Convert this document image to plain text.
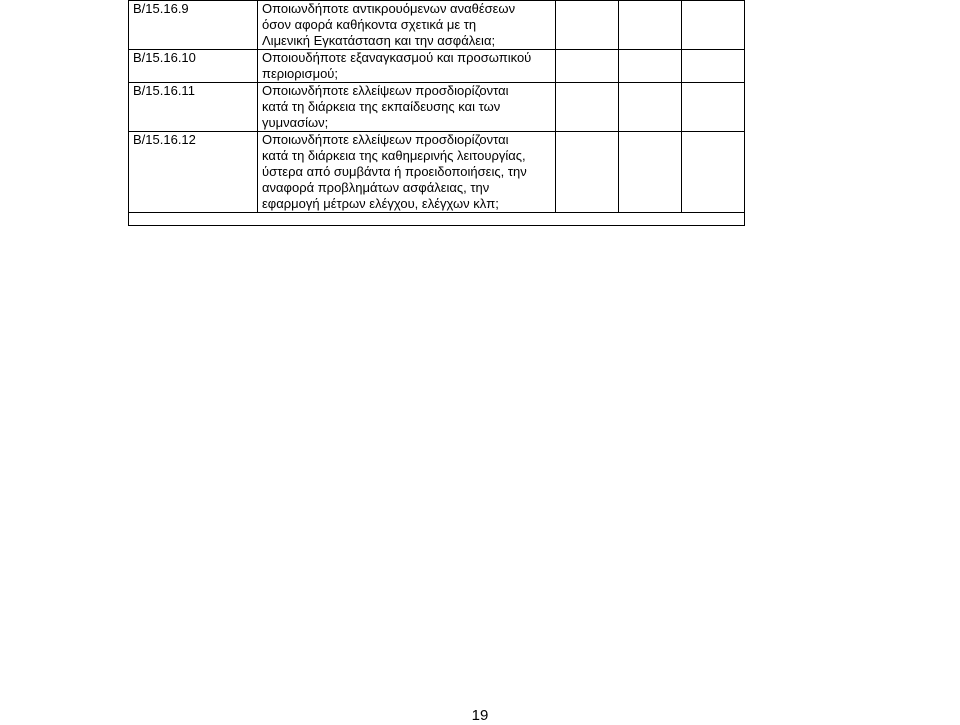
B/15.16.9	Οποιωνδήποτε αντικρουόμενων αναθέσεων
όσον αφορά καθήκοντα σχετικά με τη
Λιμενική Εγκατάσταση και την ασφάλεια;			

B/15.16.10	Οποιουδήποτε εξαναγκασμού και προσωπικού
περιορισμού;			

B/15.16.11	Οποιωνδήποτε ελλείψεων προσδιορίζονται
κατά τη διάρκεια της εκπαίδευσης και των
γυμνασίων;			

B/15.16.12	Οποιωνδήποτε ελλείψεων προσδιορίζονται
κατά τη διάρκεια της καθημερινής λειτουργίας,
ύστερα από συμβάντα ή προειδοποιήσεις, την
αναφορά προβλημάτων ασφάλειας, την
εφαρμογή μέτρων ελέγχου, ελέγχων κλπ;			

19
